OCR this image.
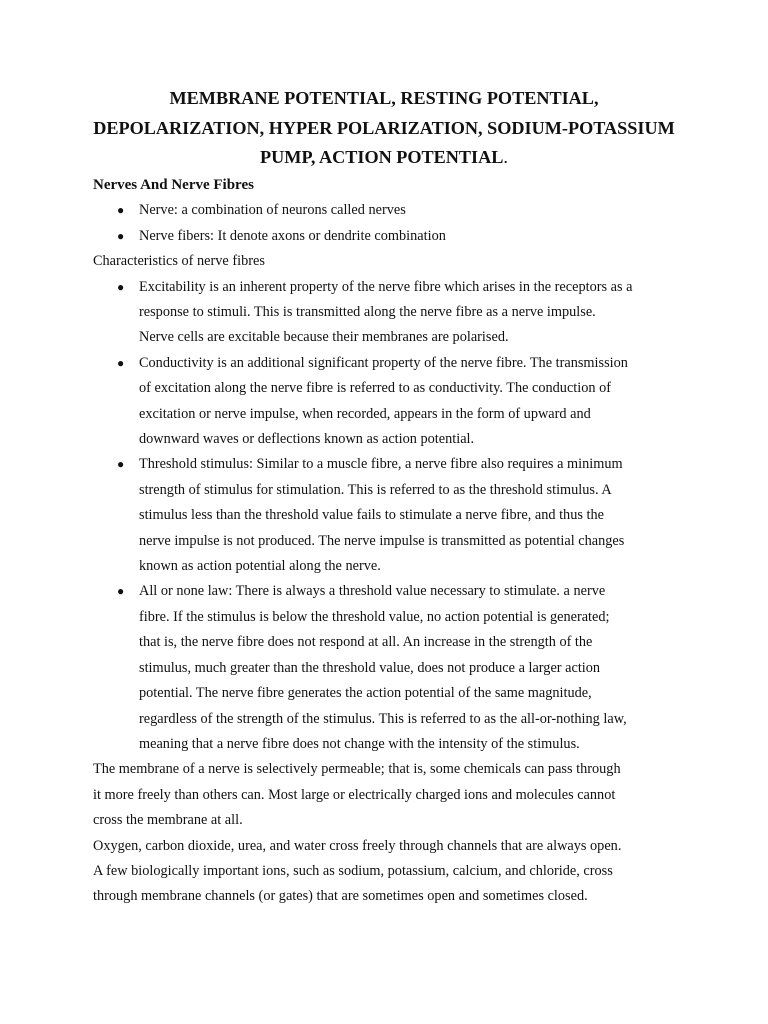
MEMBRANE POTENTIAL, RESTING POTENTIAL,
DEPOLARIZATION, HYPER POLARIZATION, SODIUM-POTASSIUM
PUMP, ACTION POTENTIAL.

Nerves And Nerve Fibres

● Nerve: a combination of neurons called nerves
● Nerve fibers: It denote axons or dendrite combination

Characteristics of nerve fibres

● Excitability is an inherent property of the nerve fibre which arises in the receptors as a
response to stimuli. This is transmitted along the nerve fibre as a nerve impulse.
Nerve cells are excitable because their membranes are polarised.
● Conductivity is an additional significant property of the nerve fibre. The transmission
of excitation along the nerve fibre is referred to as conductivity. The conduction of
excitation or nerve impulse, when recorded, appears in the form of upward and
downward waves or deflections known as action potential.
● Threshold stimulus: Similar to a muscle fibre, a nerve fibre also requires a minimum
strength of stimulus for stimulation. This is referred to as the threshold stimulus. A
stimulus less than the threshold value fails to stimulate a nerve fibre, and thus the
nerve impulse is not produced. The nerve impulse is transmitted as potential changes
known as action potential along the nerve.
● All or none law: There is always a threshold value necessary to stimulate. a nerve
fibre. If the stimulus is below the threshold value, no action potential is generated;
that is, the nerve fibre does not respond at all. An increase in the strength of the
stimulus, much greater than the threshold value, does not produce a larger action
potential. The nerve fibre generates the action potential of the same magnitude,
regardless of the strength of the stimulus. This is referred to as the all-or-nothing law,
meaning that a nerve fibre does not change with the intensity of the stimulus.
The membrane of a nerve is selectively permeable; that is, some chemicals can pass through
it more freely than others can. Most large or electrically charged ions and molecules cannot
cross the membrane at all.
Oxygen, carbon dioxide, urea, and water cross freely through channels that are always open.
A few biologically important ions, such as sodium, potassium, calcium, and chloride, cross
through membrane channels (or gates) that are sometimes open and sometimes closed.
